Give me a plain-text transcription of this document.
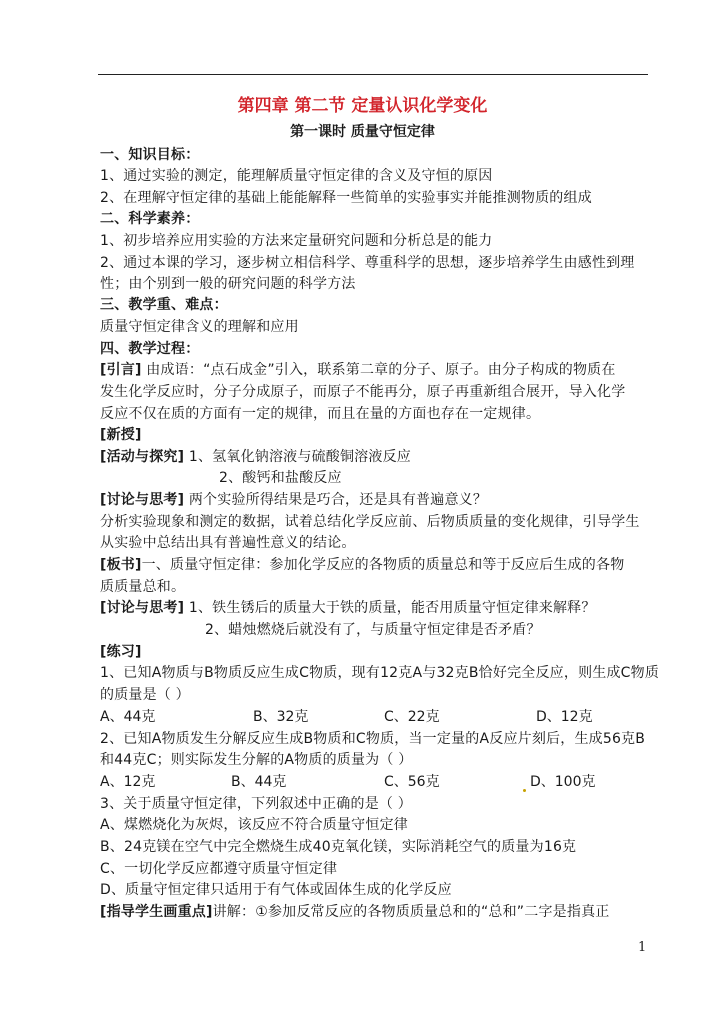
第四章 第二节 定量认识化学变化
第一课时 质量守恒定律
一、知识目标：
1、通过实验的测定，能理解质量守恒定律的含义及守恒的原因
2、在理解守恒定律的基础上能能解释一些简单的实验事实并能推测物质的组成
二、科学素养：
1、初步培养应用实验的方法来定量研究问题和分析总是的能力
2、通过本课的学习，逐步树立相信科学、尊重科学的思想，逐步培养学生由感性到理
性；由个别到一般的研究问题的科学方法
三、教学重、难点：
质量守恒定律含义的理解和应用
四、教学过程：
[引言] 由成语：“点石成金”引入，联系第二章的分子、原子。由分子构成的物质在
发生化学反应时，分子分成原子，而原子不能再分，原子再重新组合展开，导入化学
反应不仅在质的方面有一定的规律，而且在量的方面也存在一定规律。
[新授]
[活动与探究] 1、氢氧化钠溶液与硫酸铜溶液反应
2、酸钙和盐酸反应
[讨论与思考] 两个实验所得结果是巧合，还是具有普遍意义？
分析实验现象和测定的数据，试着总结化学反应前、后物质质量的变化规律，引导学生
从实验中总结出具有普遍性意义的结论。
[板书]一、质量守恒定律：参加化学反应的各物质的质量总和等于反应后生成的各物
质质量总和。
[讨论与思考] 1、铁生锈后的质量大于铁的质量，能否用质量守恒定律来解释？
2、蜡烛燃烧后就没有了，与质量守恒定律是否矛盾？
[练习]
1、已知A物质与B物质反应生成C物质，现有12克A与32克B恰好完全反应，则生成C物质
的质量是（ ）
A、44克	B、32克	C、22克	D、12克
2、已知A物质发生分解反应生成B物质和C物质，当一定量的A反应片刻后，生成56克B
和44克C；则实际发生分解的A物质的质量为（ ）
A、12克	B、44克	C、56克	D、100克
3、关于质量守恒定律，下列叙述中正确的是（ ）
A、煤燃烧化为灰烬，该反应不符合质量守恒定律
B、24克镁在空气中完全燃烧生成40克氧化镁，实际消耗空气的质量为16克
C、一切化学反应都遵守质量守恒定律
D、质量守恒定律只适用于有气体或固体生成的化学反应
[指导学生画重点]讲解：①参加反常反应的各物质质量总和的“总和”二字是指真正
1
